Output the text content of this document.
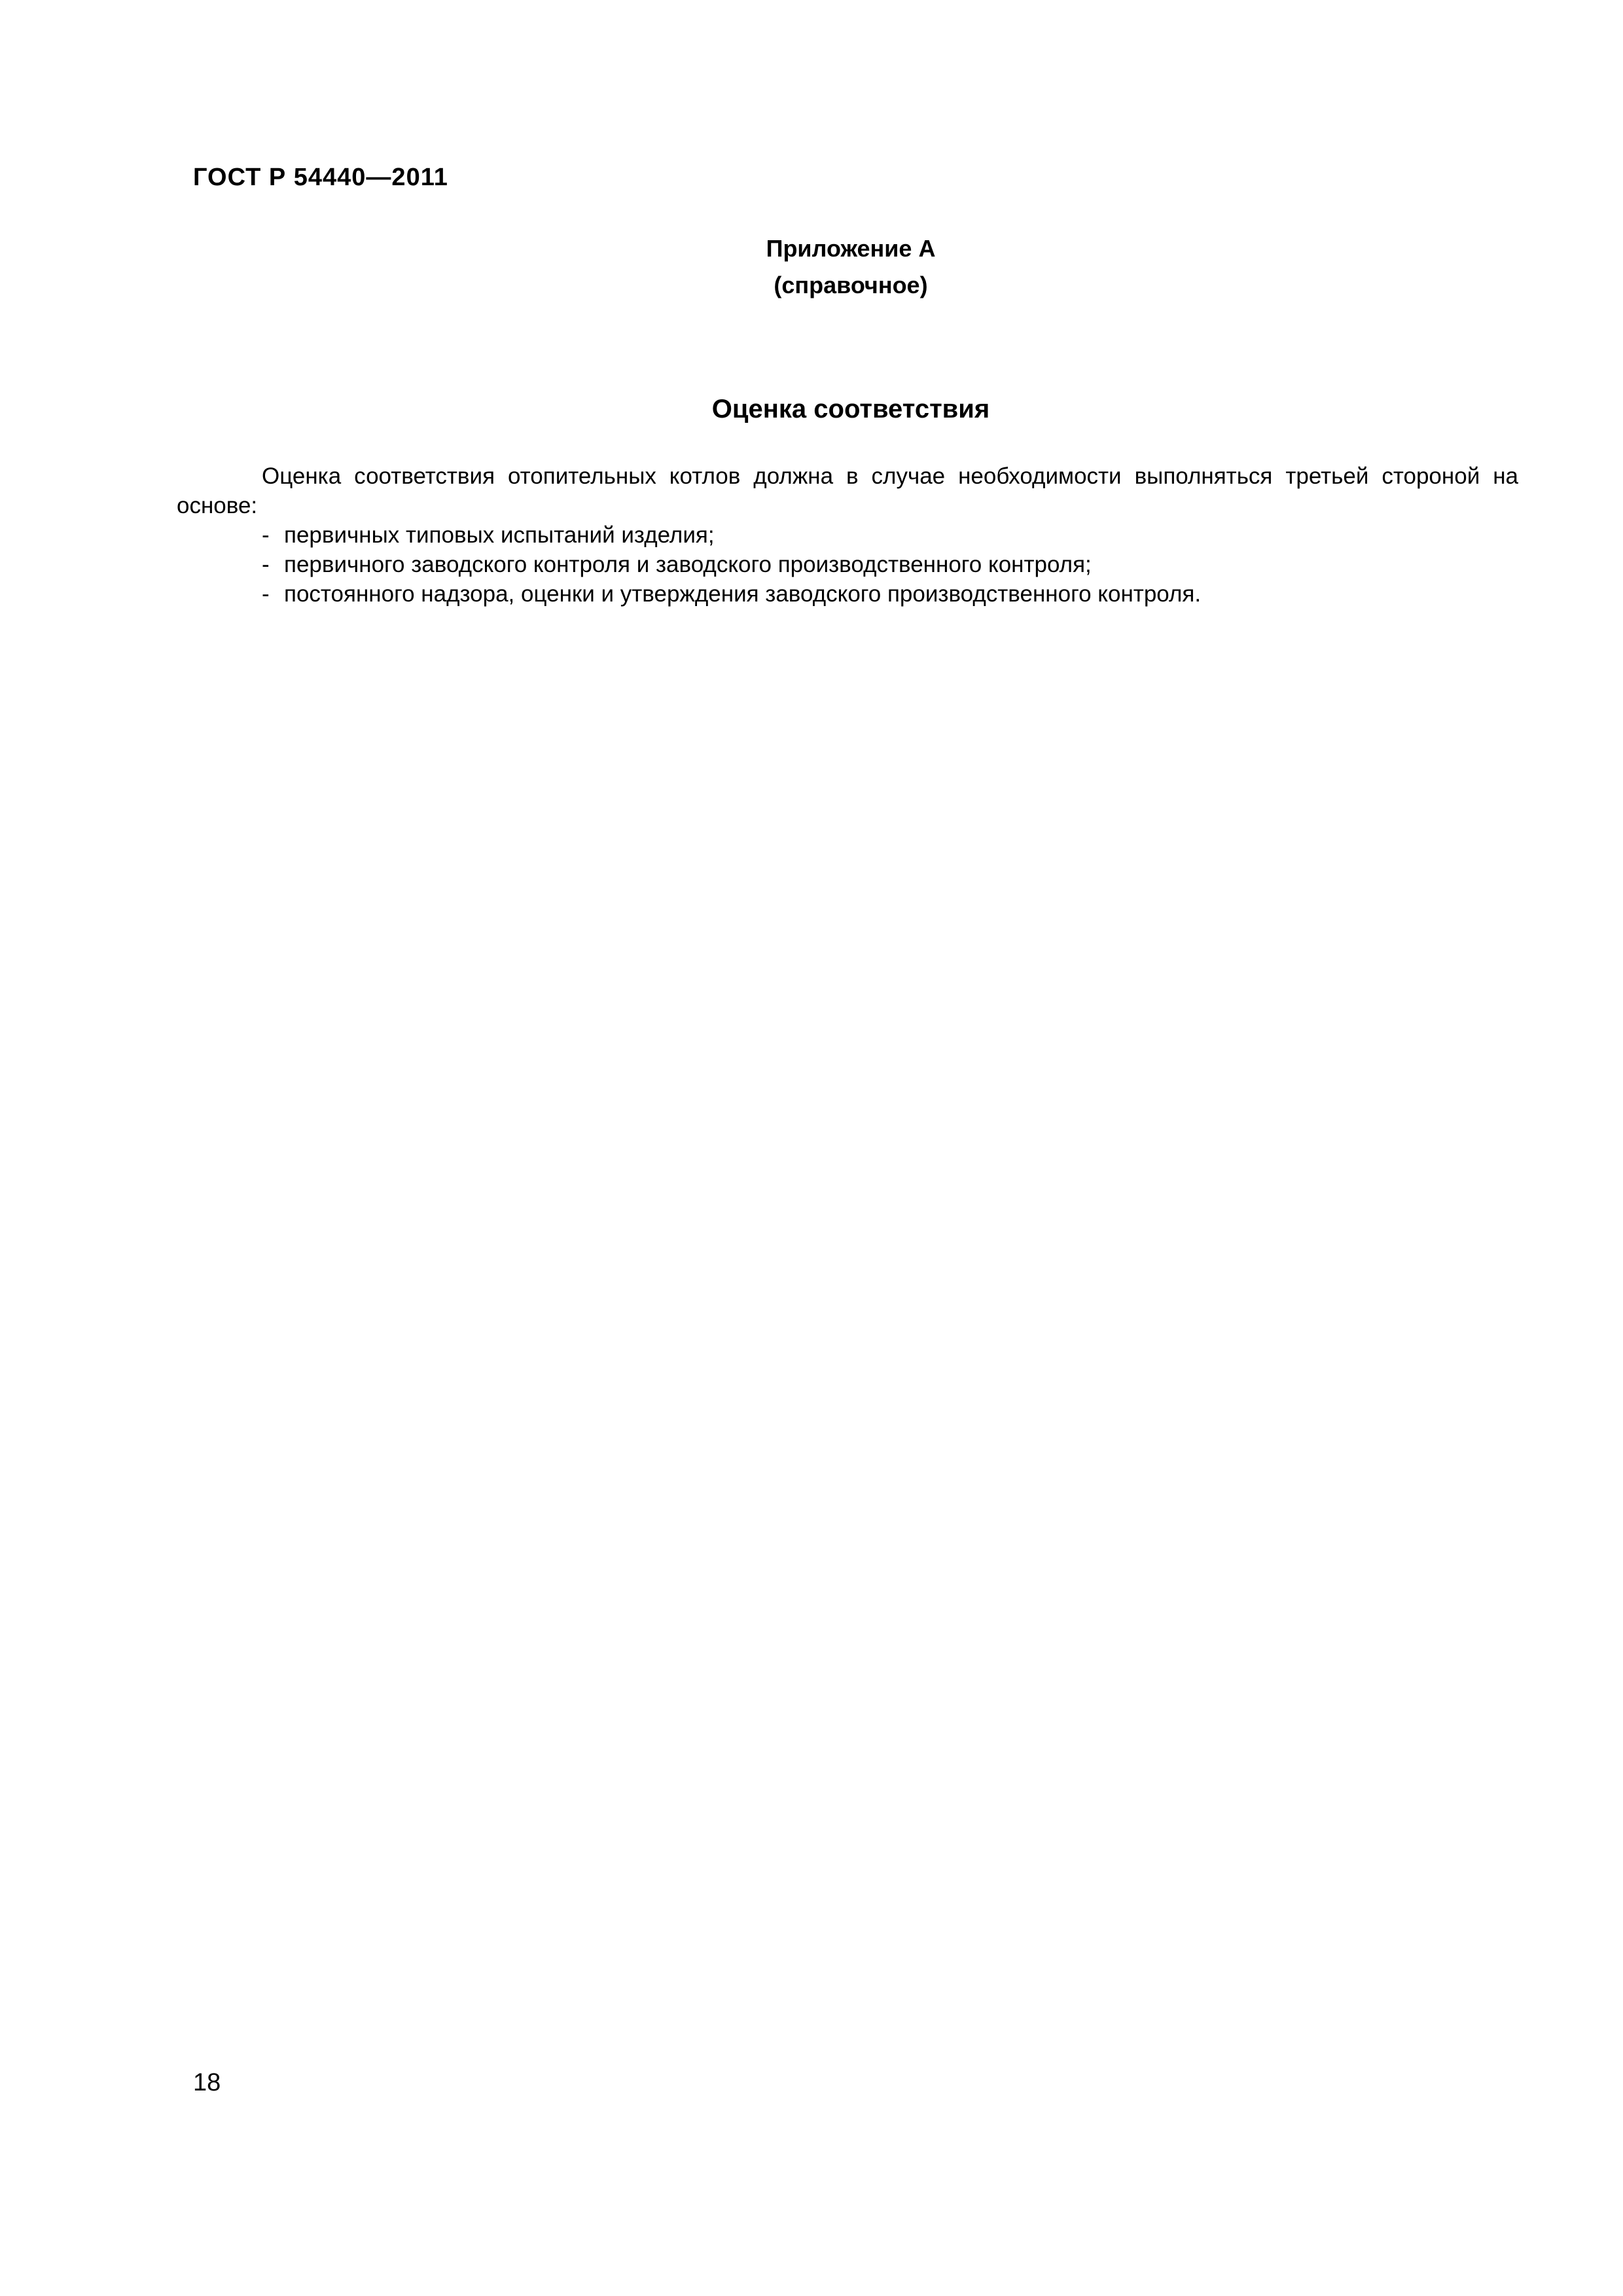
ГОСТ Р 54440—2011
Приложение А
(справочное)
Оценка соответствия

Оценка соответствия отопительных котлов должна в случае необходимости выполняться третьей стороной на основе:

- первичных типовых испытаний изделия;
- первичного заводского контроля и заводского производственного контроля;
- постоянного надзора, оценки и утверждения заводского производственного контроля.
18
